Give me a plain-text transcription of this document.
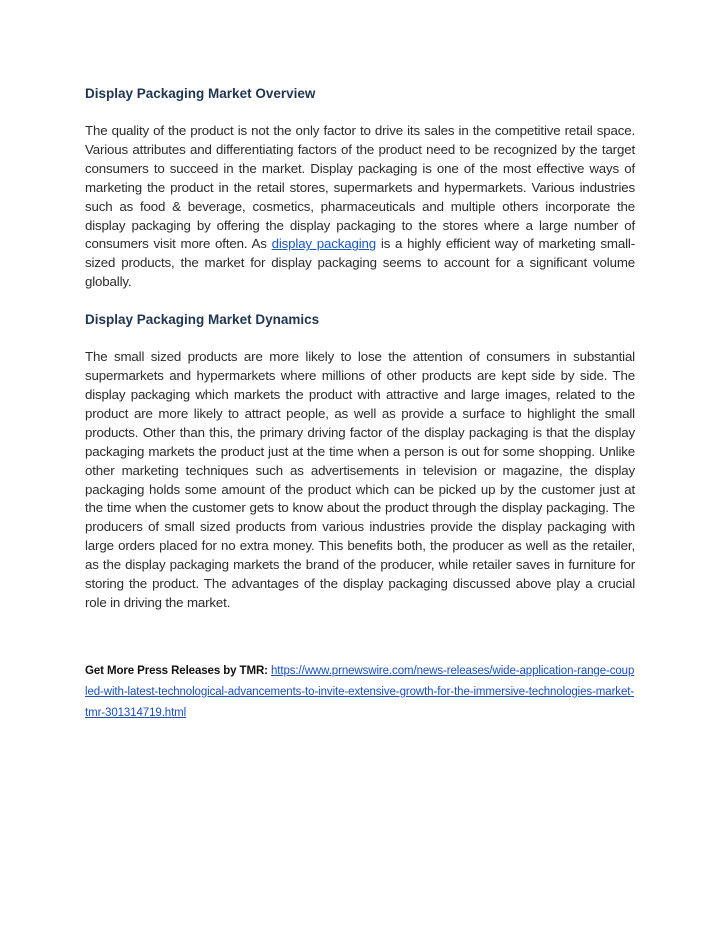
Display Packaging Market Overview

The quality of the product is not the only factor to drive its sales in the competitive retail space. Various attributes and differentiating factors of the product need to be recognized by the target consumers to succeed in the market. Display packaging is one of the most effective ways of marketing the product in the retail stores, supermarkets and hypermarkets. Various industries such as food & beverage, cosmetics, pharmaceuticals and multiple others incorporate the display packaging by offering the display packaging to the stores where a large number of consumers visit more often. As display packaging is a highly efficient way of marketing small-sized products, the market for display packaging seems to account for a significant volume globally.

Display Packaging Market Dynamics

The small sized products are more likely to lose the attention of consumers in substantial supermarkets and hypermarkets where millions of other products are kept side by side. The display packaging which markets the product with attractive and large images, related to the product are more likely to attract people, as well as provide a surface to highlight the small products. Other than this, the primary driving factor of the display packaging is that the display packaging markets the product just at the time when a person is out for some shopping. Unlike other marketing techniques such as advertisements in television or magazine, the display packaging holds some amount of the product which can be picked up by the customer just at the time when the customer gets to know about the product through the display packaging. The producers of small sized products from various industries provide the display packaging with large orders placed for no extra money. This benefits both, the producer as well as the retailer, as the display packaging markets the brand of the producer, while retailer saves in furniture for storing the product. The advantages of the display packaging discussed above play a crucial role in driving the market.

Get More Press Releases by TMR: https://www.prnewswire.com/news-releases/wide-application-range-coupled-with-latest-technological-advancements-to-invite-extensive-growth-for-the-immersive-technologies-market-tmr-301314719.html
